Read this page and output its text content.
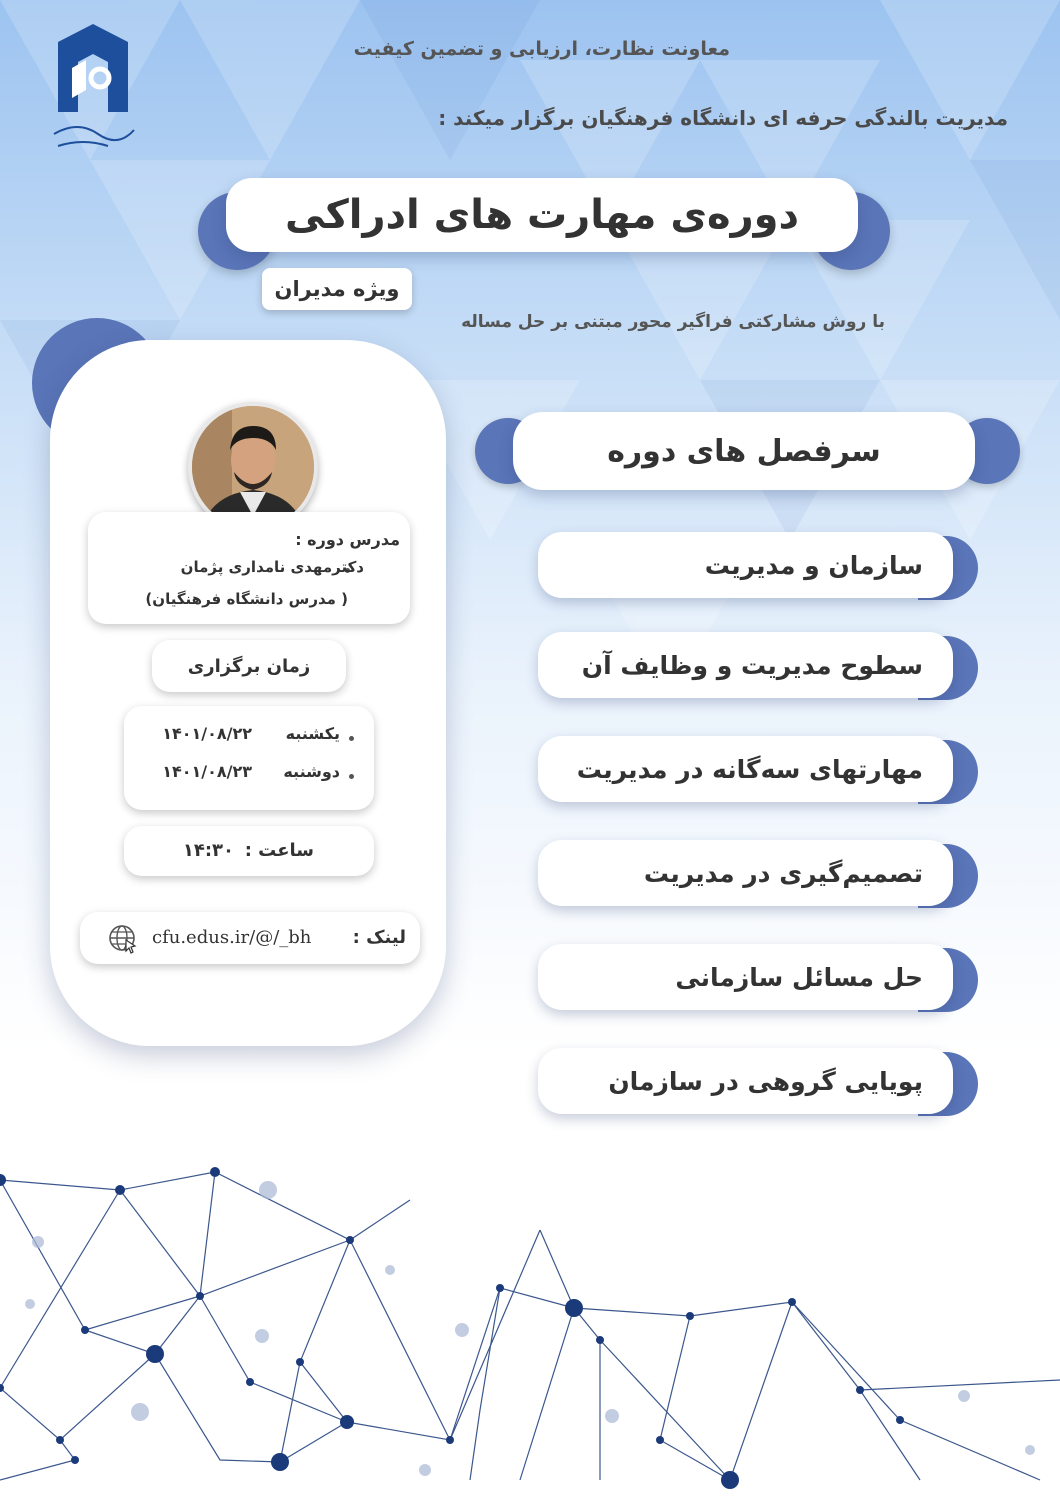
معاونت نظارت، ارزیابی و تضمین کیفیت
مدیریت بالندگی حرفه ای دانشگاه فرهنگیان برگزار میکند :
دوره‌ی مهارت های ادراکی
ویژه مدیران
با روش مشارکتی فراگیر محور مبتنی بر حل مساله
مدرس دوره :
دکترمهدی نامداری پژمان
( مدرس دانشگاه فرهنگیان)
زمان برگزاری
یکشنبه
۱۴۰۱/۰۸/۲۲
دوشنبه
۱۴۰۱/۰۸/۲۳
ساعت :
۱۴:۳۰
لینک :
cfu.edus.ir/@/_bh
سرفصل های دوره
سازمان و مدیریت
سطوح مدیریت و وظایف آن
مهارتهای سه‌گانه در مدیریت
تصمیم‌گیری در مدیریت
حل مسائل سازمانی
پویایی گروهی در سازمان
